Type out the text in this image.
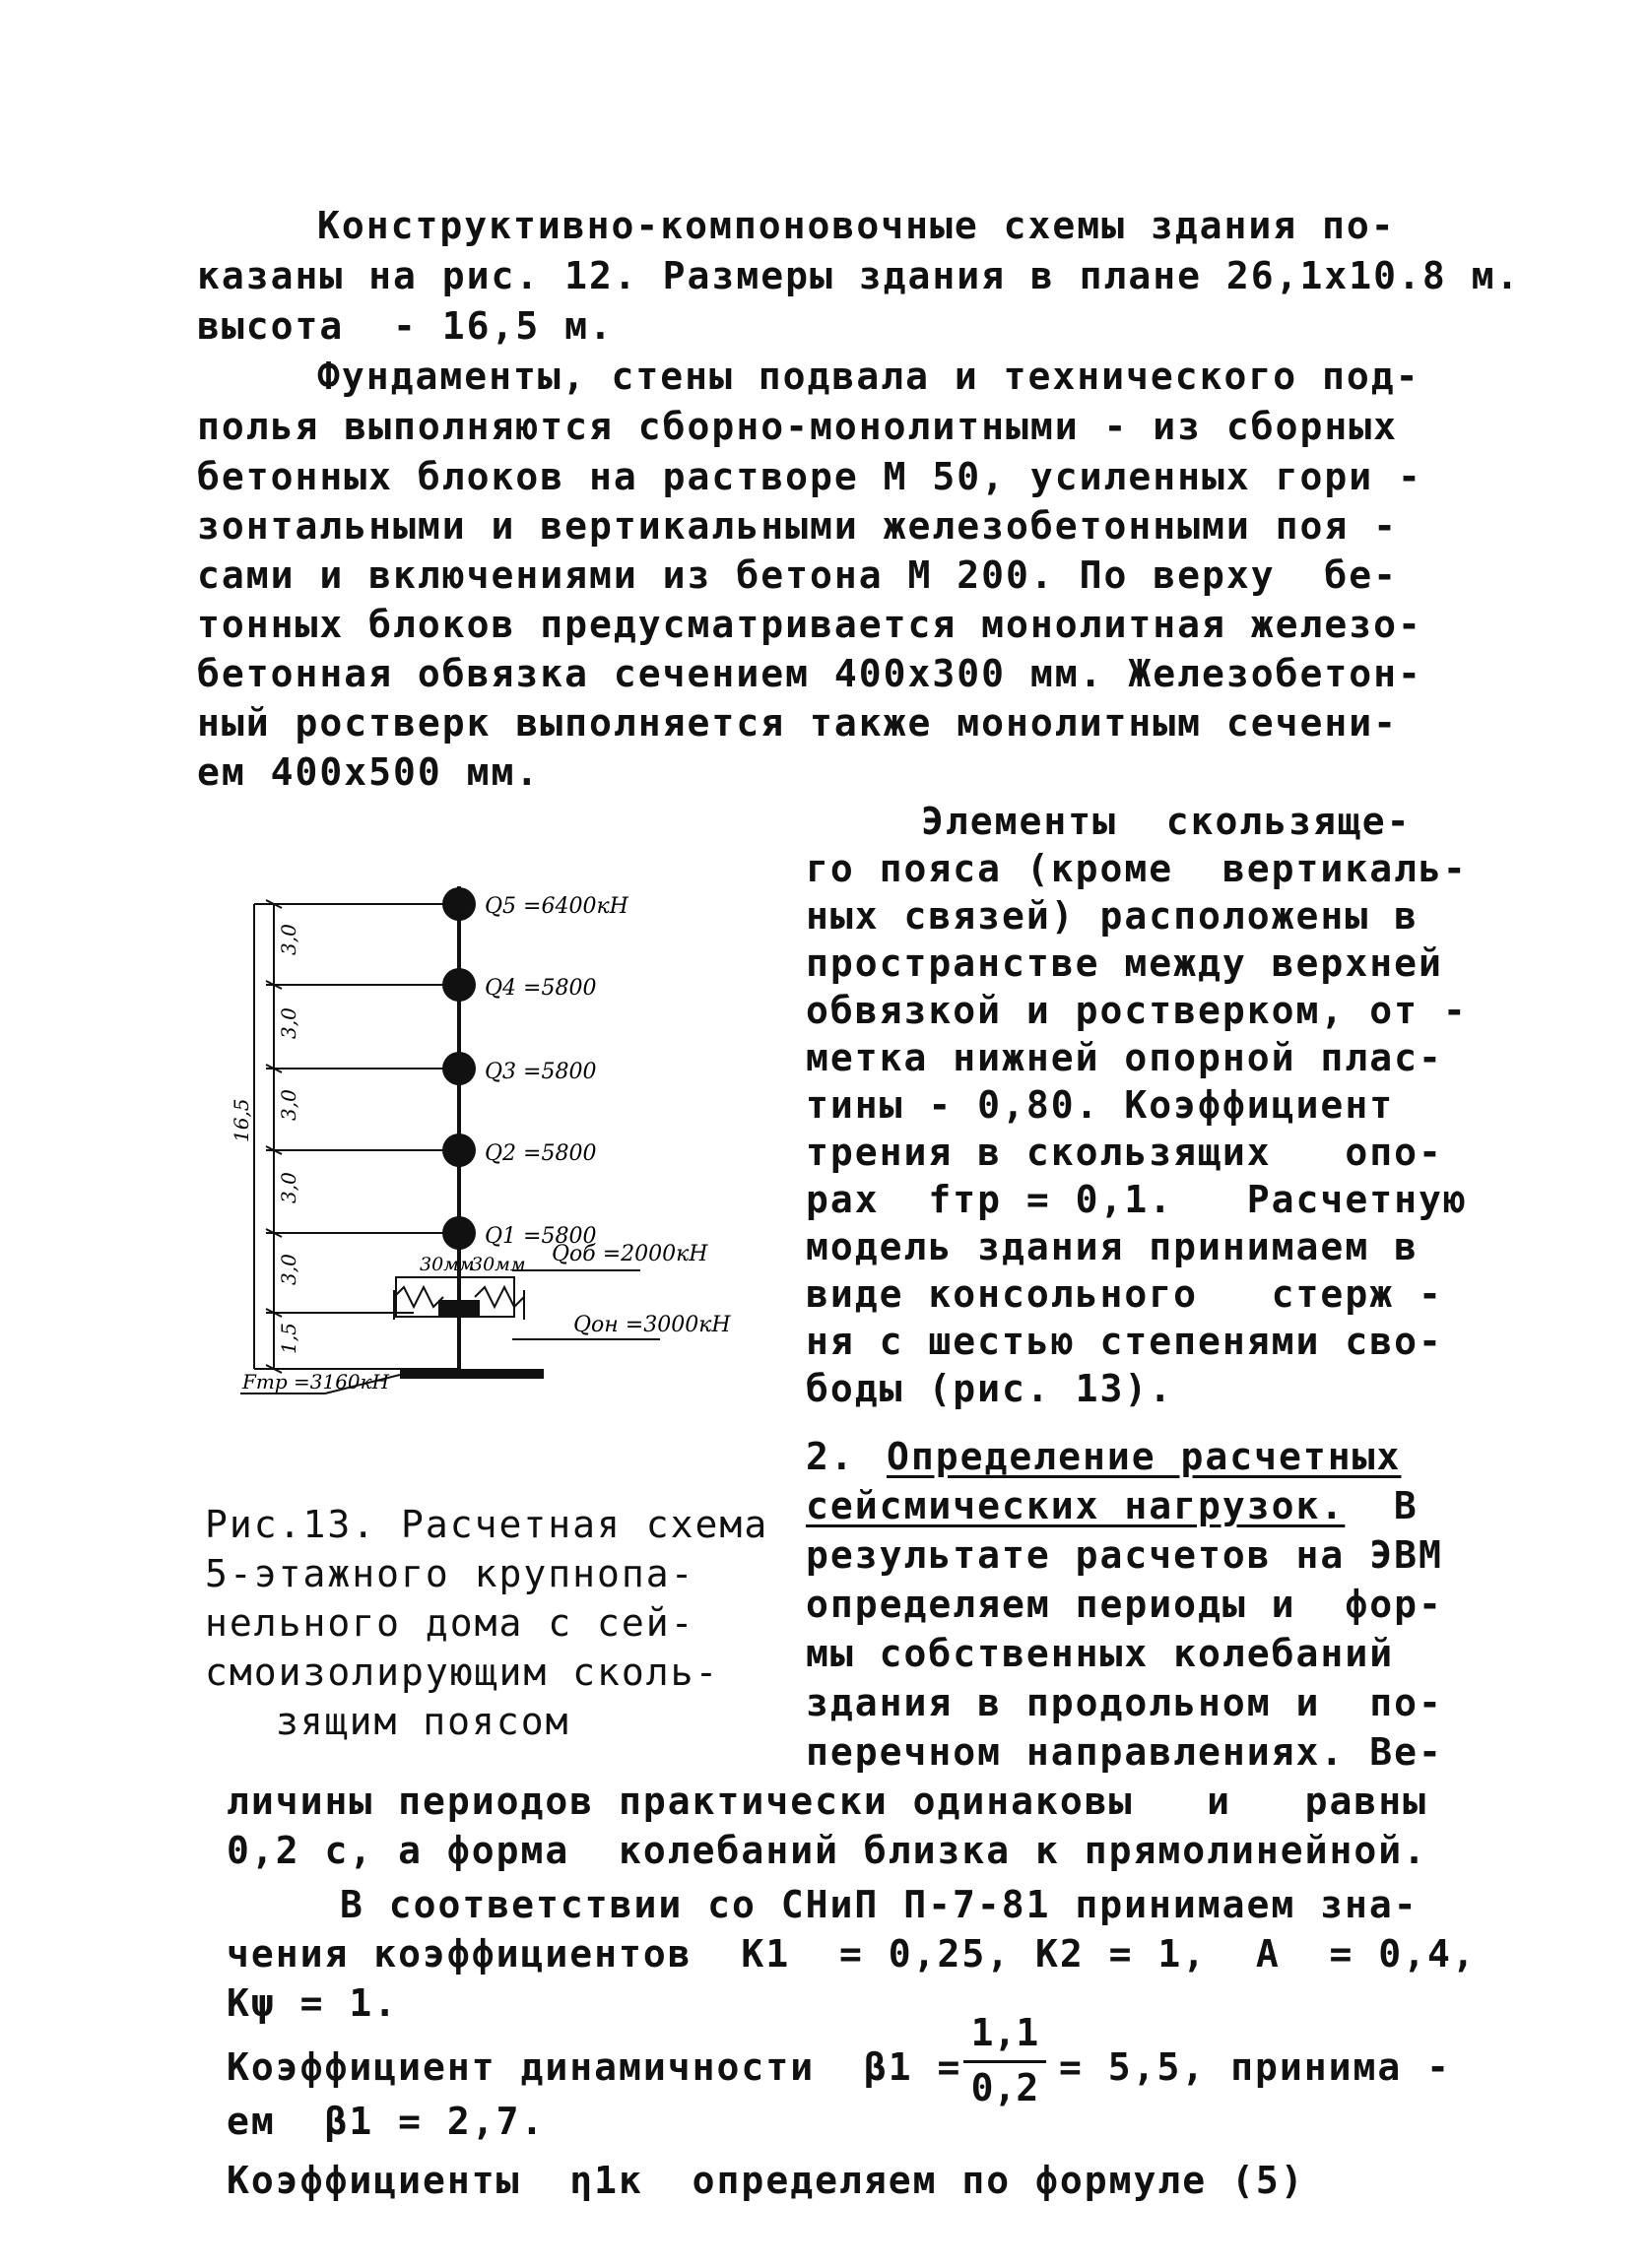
Конструктивно-компоновочные схемы здания по-
казаны на рис. 12. Размеры здания в плане 26,1х10.8 м.
высота  - 16,5 м.
Фундаменты, стены подвала и технического под-
полья выполняются сборно-монолитными - из сборных
бетонных блоков на растворе М 50, усиленных гори -
зонтальными и вертикальными железобетонными поя -
сами и включениями из бетона М 200. По верху  бе-
тонных блоков предусматривается монолитная железо-
бетонная обвязка сечением 400х300 мм. Железобетон-
ный ростверк выполняется также монолитным сечени-
ем 400х500 мм.
Элементы  скользяще-
го пояса (кроме  вертикаль-
ных связей) расположены в
пространстве между верхней
обвязкой и ростверком, от -
метка нижней опорной плас-
тины - 0,80. Коэффициент
трения в скользящих   опо-
рах  fтр = 0,1.   Расчетную
модель здания принимаем в
виде консольного   стерж -
ня с шестью степенями сво-
боды (рис. 13).
2. Определение расчетных
сейсмических нагрузок. В
результате расчетов на ЭВМ
определяем периоды и  фор-
мы собственных колебаний
здания в продольном и  по-
перечном направлениях. Ве-
Q5 =6400кН
Q4 =5800
Q3 =5800
Q2 =5800
Q1 =5800
30мм
30мм Qоб =2000кН
Qон =3000кН
Fтр =3160кН
3,0
3,0
3,0
3,0
3,0
1,5
16,5
Рис.13. Расчетная схема
5-этажного крупнопа-
нельного дома с сей-
смоизолирующим сколь-
зящим поясом
личины периодов практически одинаковы   и   равны
0,2 с, а форма  колебаний близка к прямолинейной.
В соответствии со СНиП П-7-81 принимаем зна-
чения коэффициентов  К1  = 0,25, К2 = 1,  А  = 0,4,
Кψ = 1.
Коэффициент динамичности  β1 =
1,1
0,2 = 5,5, принима -
ем  β1 = 2,7.
Коэффициенты  η1к  определяем по формуле (5)
